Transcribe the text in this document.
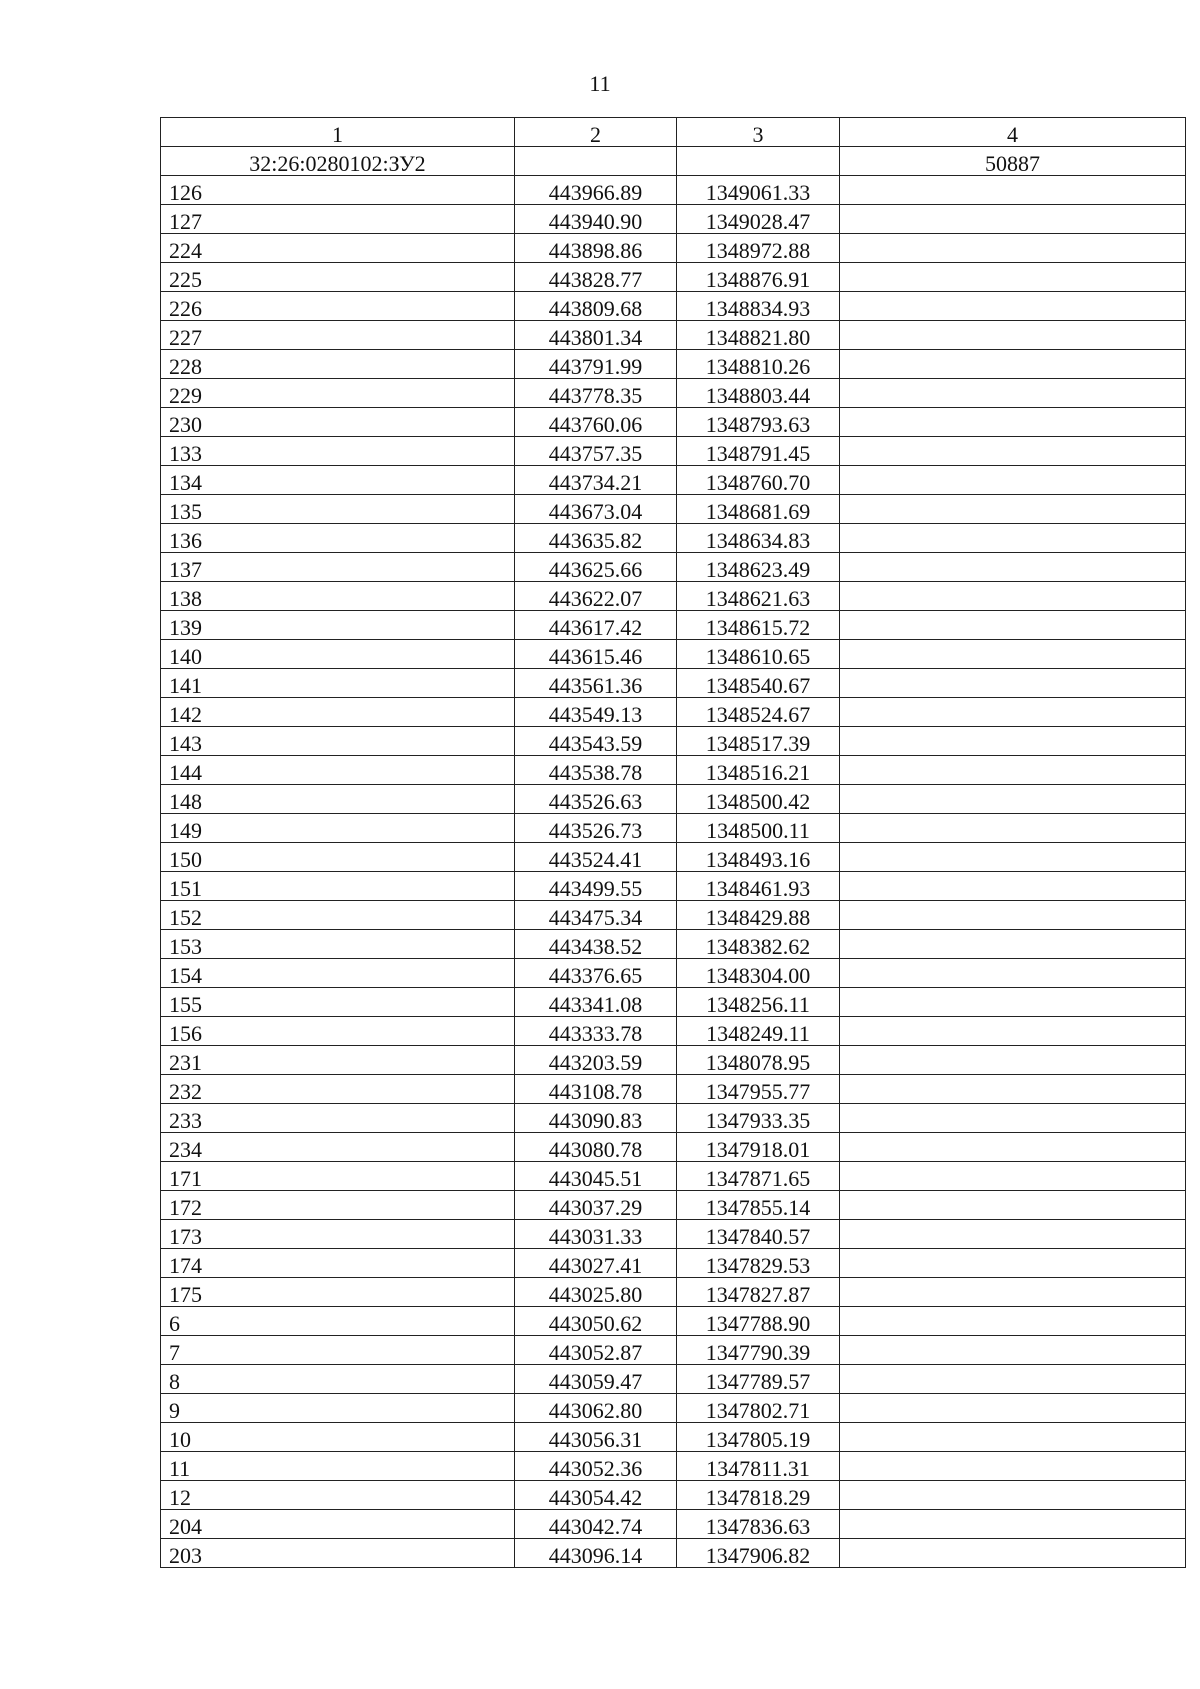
11
1	2	3	4
32:26:0280102:ЗУ2			50887
126	443966.89	1349061.33	
127	443940.90	1349028.47	
224	443898.86	1348972.88	
225	443828.77	1348876.91	
226	443809.68	1348834.93	
227	443801.34	1348821.80	
228	443791.99	1348810.26	
229	443778.35	1348803.44	
230	443760.06	1348793.63	
133	443757.35	1348791.45	
134	443734.21	1348760.70	
135	443673.04	1348681.69	
136	443635.82	1348634.83	
137	443625.66	1348623.49	
138	443622.07	1348621.63	
139	443617.42	1348615.72	
140	443615.46	1348610.65	
141	443561.36	1348540.67	
142	443549.13	1348524.67	
143	443543.59	1348517.39	
144	443538.78	1348516.21	
148	443526.63	1348500.42	
149	443526.73	1348500.11	
150	443524.41	1348493.16	
151	443499.55	1348461.93	
152	443475.34	1348429.88	
153	443438.52	1348382.62	
154	443376.65	1348304.00	
155	443341.08	1348256.11	
156	443333.78	1348249.11	
231	443203.59	1348078.95	
232	443108.78	1347955.77	
233	443090.83	1347933.35	
234	443080.78	1347918.01	
171	443045.51	1347871.65	
172	443037.29	1347855.14	
173	443031.33	1347840.57	
174	443027.41	1347829.53	
175	443025.80	1347827.87	
6	443050.62	1347788.90	
7	443052.87	1347790.39	
8	443059.47	1347789.57	
9	443062.80	1347802.71	
10	443056.31	1347805.19	
11	443052.36	1347811.31	
12	443054.42	1347818.29	
204	443042.74	1347836.63	
203	443096.14	1347906.82	
